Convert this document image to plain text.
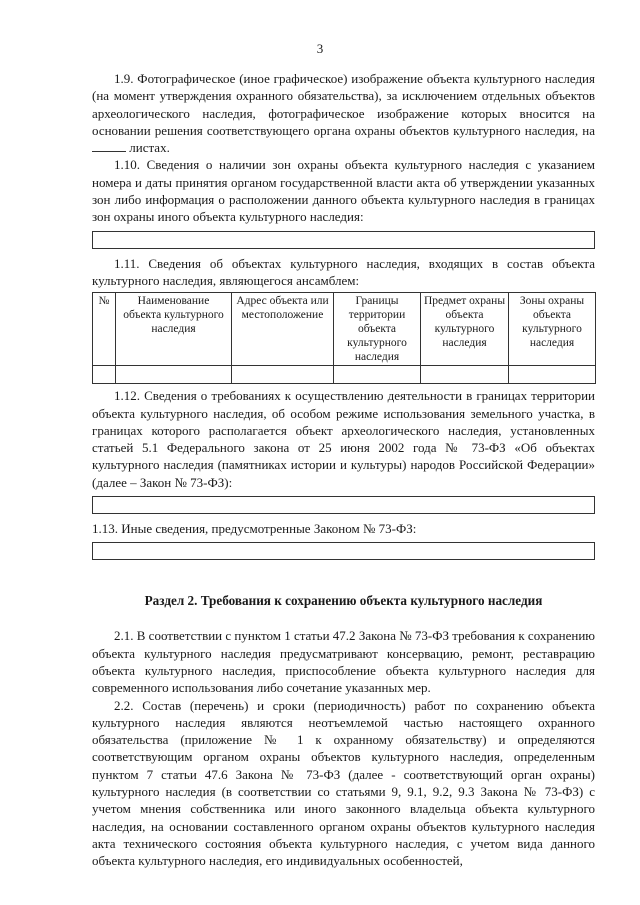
3

1.9. Фотографическое (иное графическое) изображение объекта культурного наследия (на момент утверждения охранного обязательства), за исключением отдельных объектов археологического наследия, фотографическое изображение которых вносится на основании решения соответствующего органа охраны объектов культурного наследия, на  листах.

1.10. Сведения о наличии зон охраны объекта культурного наследия с указанием номера и даты принятия органом государственной власти акта об утверждении указанных зон либо информация о расположении данного объекта культурного наследия в границах зон охраны иного объекта культурного наследия:

1.11. Сведения об объектах культурного наследия, входящих в состав объекта культурного наследия, являющегося ансамблем:

№	Наименование объекта культурного наследия	Адрес объекта или местоположение	Границы территории объекта культурного наследия	Предмет охраны объекта культурного наследия	Зоны охраны объекта культурного наследия

1.12. Сведения о требованиях к осуществлению деятельности в границах территории объекта культурного наследия, об особом режиме использования земельного участка, в границах которого располагается объект археологического наследия, установленных статьей 5.1 Федерального закона от 25 июня 2002 года № 73-ФЗ «Об объектах культурного наследия (памятниках истории и культуры) народов Российской Федерации» (далее – Закон № 73-ФЗ):

1.13. Иные сведения, предусмотренные Законом № 73-ФЗ:

Раздел 2. Требования к сохранению объекта культурного наследия

2.1. В соответствии с пунктом 1 статьи 47.2 Закона № 73-ФЗ требования к сохранению объекта культурного наследия предусматривают консервацию, ремонт, реставрацию объекта культурного наследия, приспособление объекта культурного наследия для современного использования либо сочетание указанных мер.

2.2. Состав (перечень) и сроки (периодичность) работ по сохранению объекта культурного наследия являются неотъемлемой частью настоящего охранного обязательства (приложение № 1 к охранному обязательству) и определяются соответствующим органом охраны объектов культурного наследия, определенным пунктом 7 статьи 47.6 Закона № 73-ФЗ (далее - соответствующий орган охраны) культурного наследия (в соответствии со статьями 9, 9.1, 9.2, 9.3 Закона № 73-ФЗ) с учетом мнения собственника или иного законного владельца объекта культурного наследия, на основании составленного органом охраны объектов культурного наследия акта технического состояния объекта культурного наследия, с учетом вида данного объекта культурного наследия, его индивидуальных особенностей,
